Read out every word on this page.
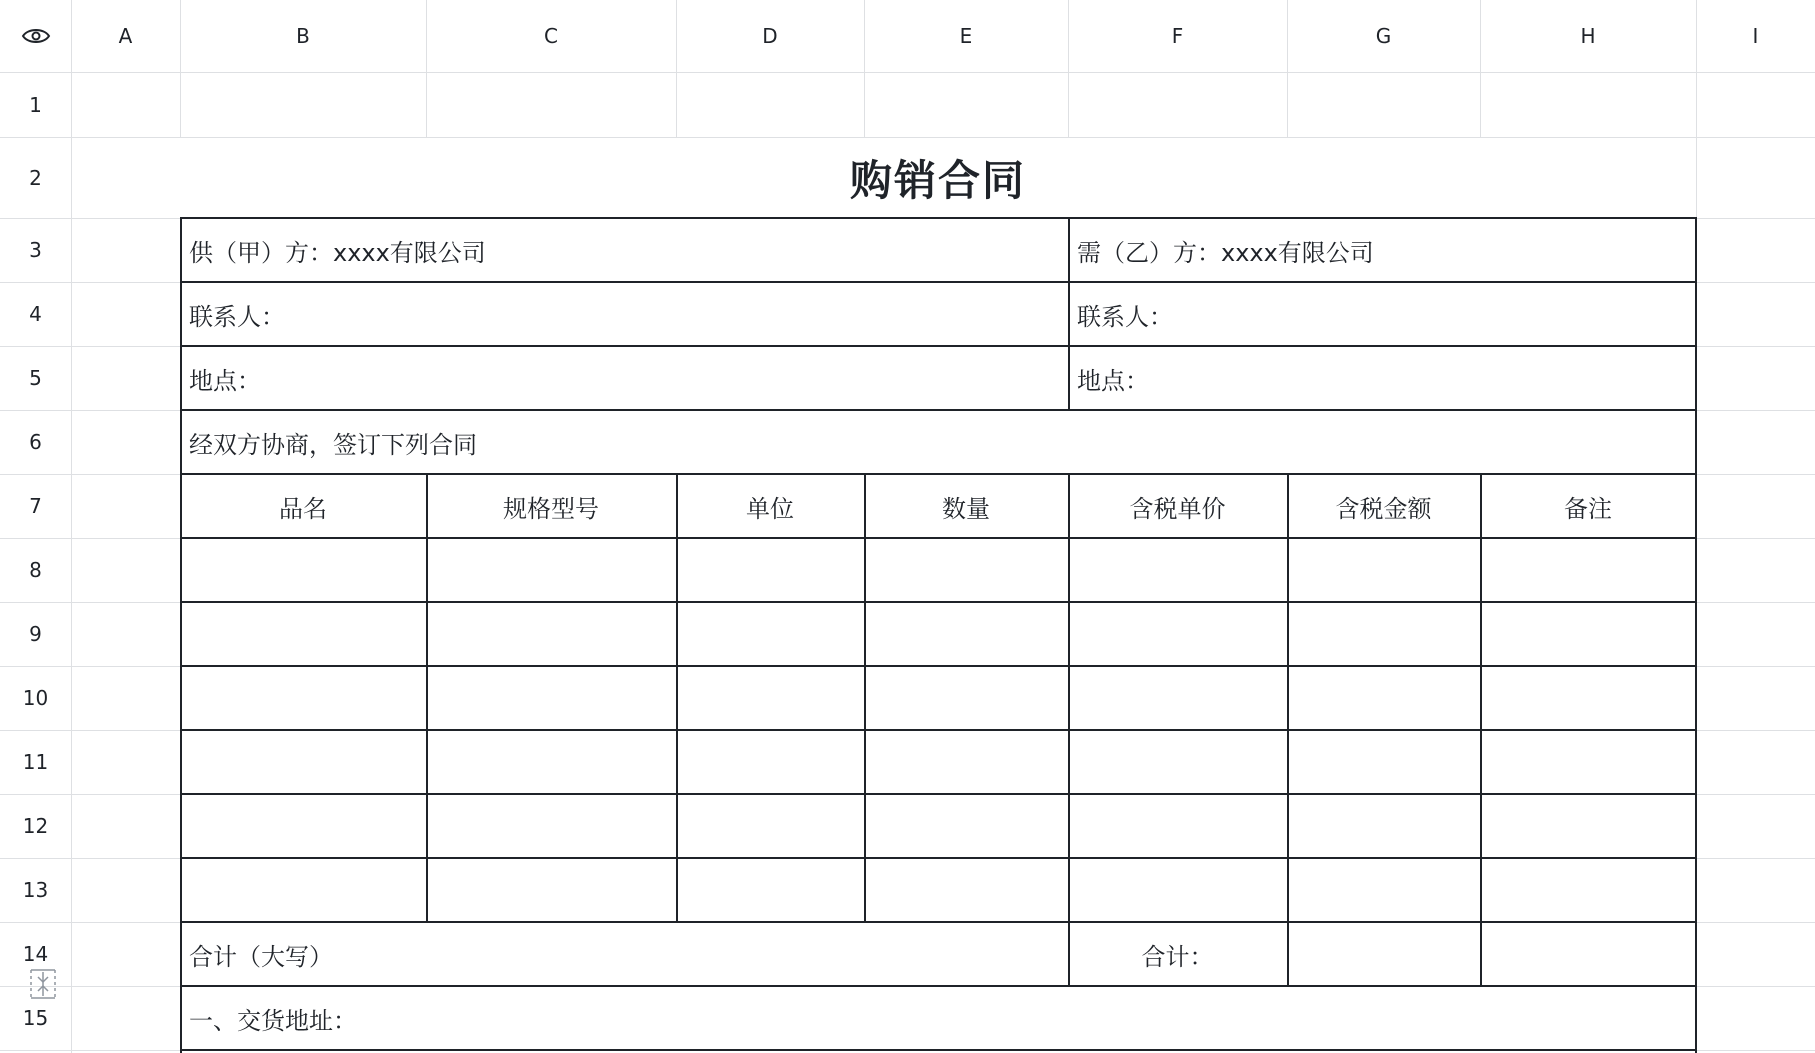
A	B	C	D	E	F	G	H	I
1
2
3
4
5
6
7
8
9
10
11
12
13
14
15
购销合同
供（甲）方：xxxx有限公司	需（乙）方：xxxx有限公司
联系人：	联系人：
地点：	地点：
经双方协商，签订下列合同
品名	规格型号	单位	数量	含税单价	含税金额	备注
合计（大写）	合计：
一、交货地址：
